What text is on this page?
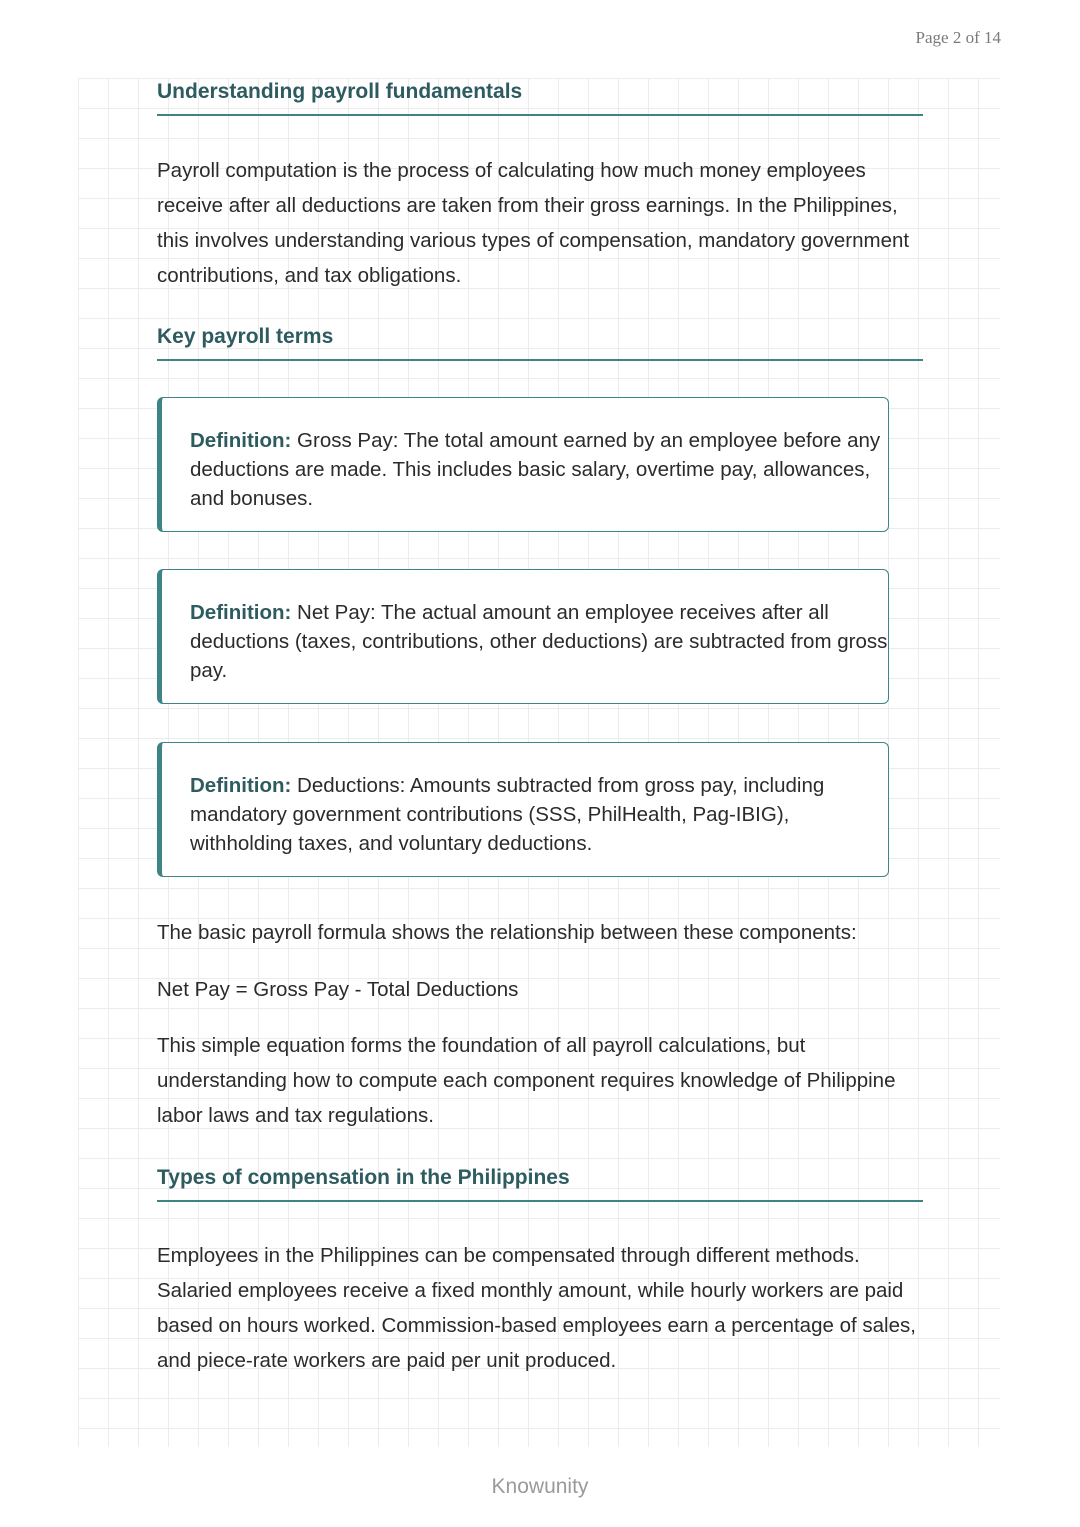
Page 2 of 14
Understanding payroll fundamentals

Payroll computation is the process of calculating how much money employees receive after all deductions are taken from their gross earnings. In the Philippines, this involves understanding various types of compensation, mandatory government contributions, and tax obligations.

Key payroll terms

Definition: Gross Pay: The total amount earned by an employee before any deductions are made. This includes basic salary, overtime pay, allowances, and bonuses.

Definition: Net Pay: The actual amount an employee receives after all deductions (taxes, contributions, other deductions) are subtracted from gross pay.

Definition: Deductions: Amounts subtracted from gross pay, including mandatory government contributions (SSS, PhilHealth, Pag-IBIG), withholding taxes, and voluntary deductions.

The basic payroll formula shows the relationship between these components:

Net Pay = Gross Pay - Total Deductions

This simple equation forms the foundation of all payroll calculations, but understanding how to compute each component requires knowledge of Philippine labor laws and tax regulations.

Types of compensation in the Philippines

Employees in the Philippines can be compensated through different methods. Salaried employees receive a fixed monthly amount, while hourly workers are paid based on hours worked. Commission-based employees earn a percentage of sales, and piece-rate workers are paid per unit produced.

Knowunity
